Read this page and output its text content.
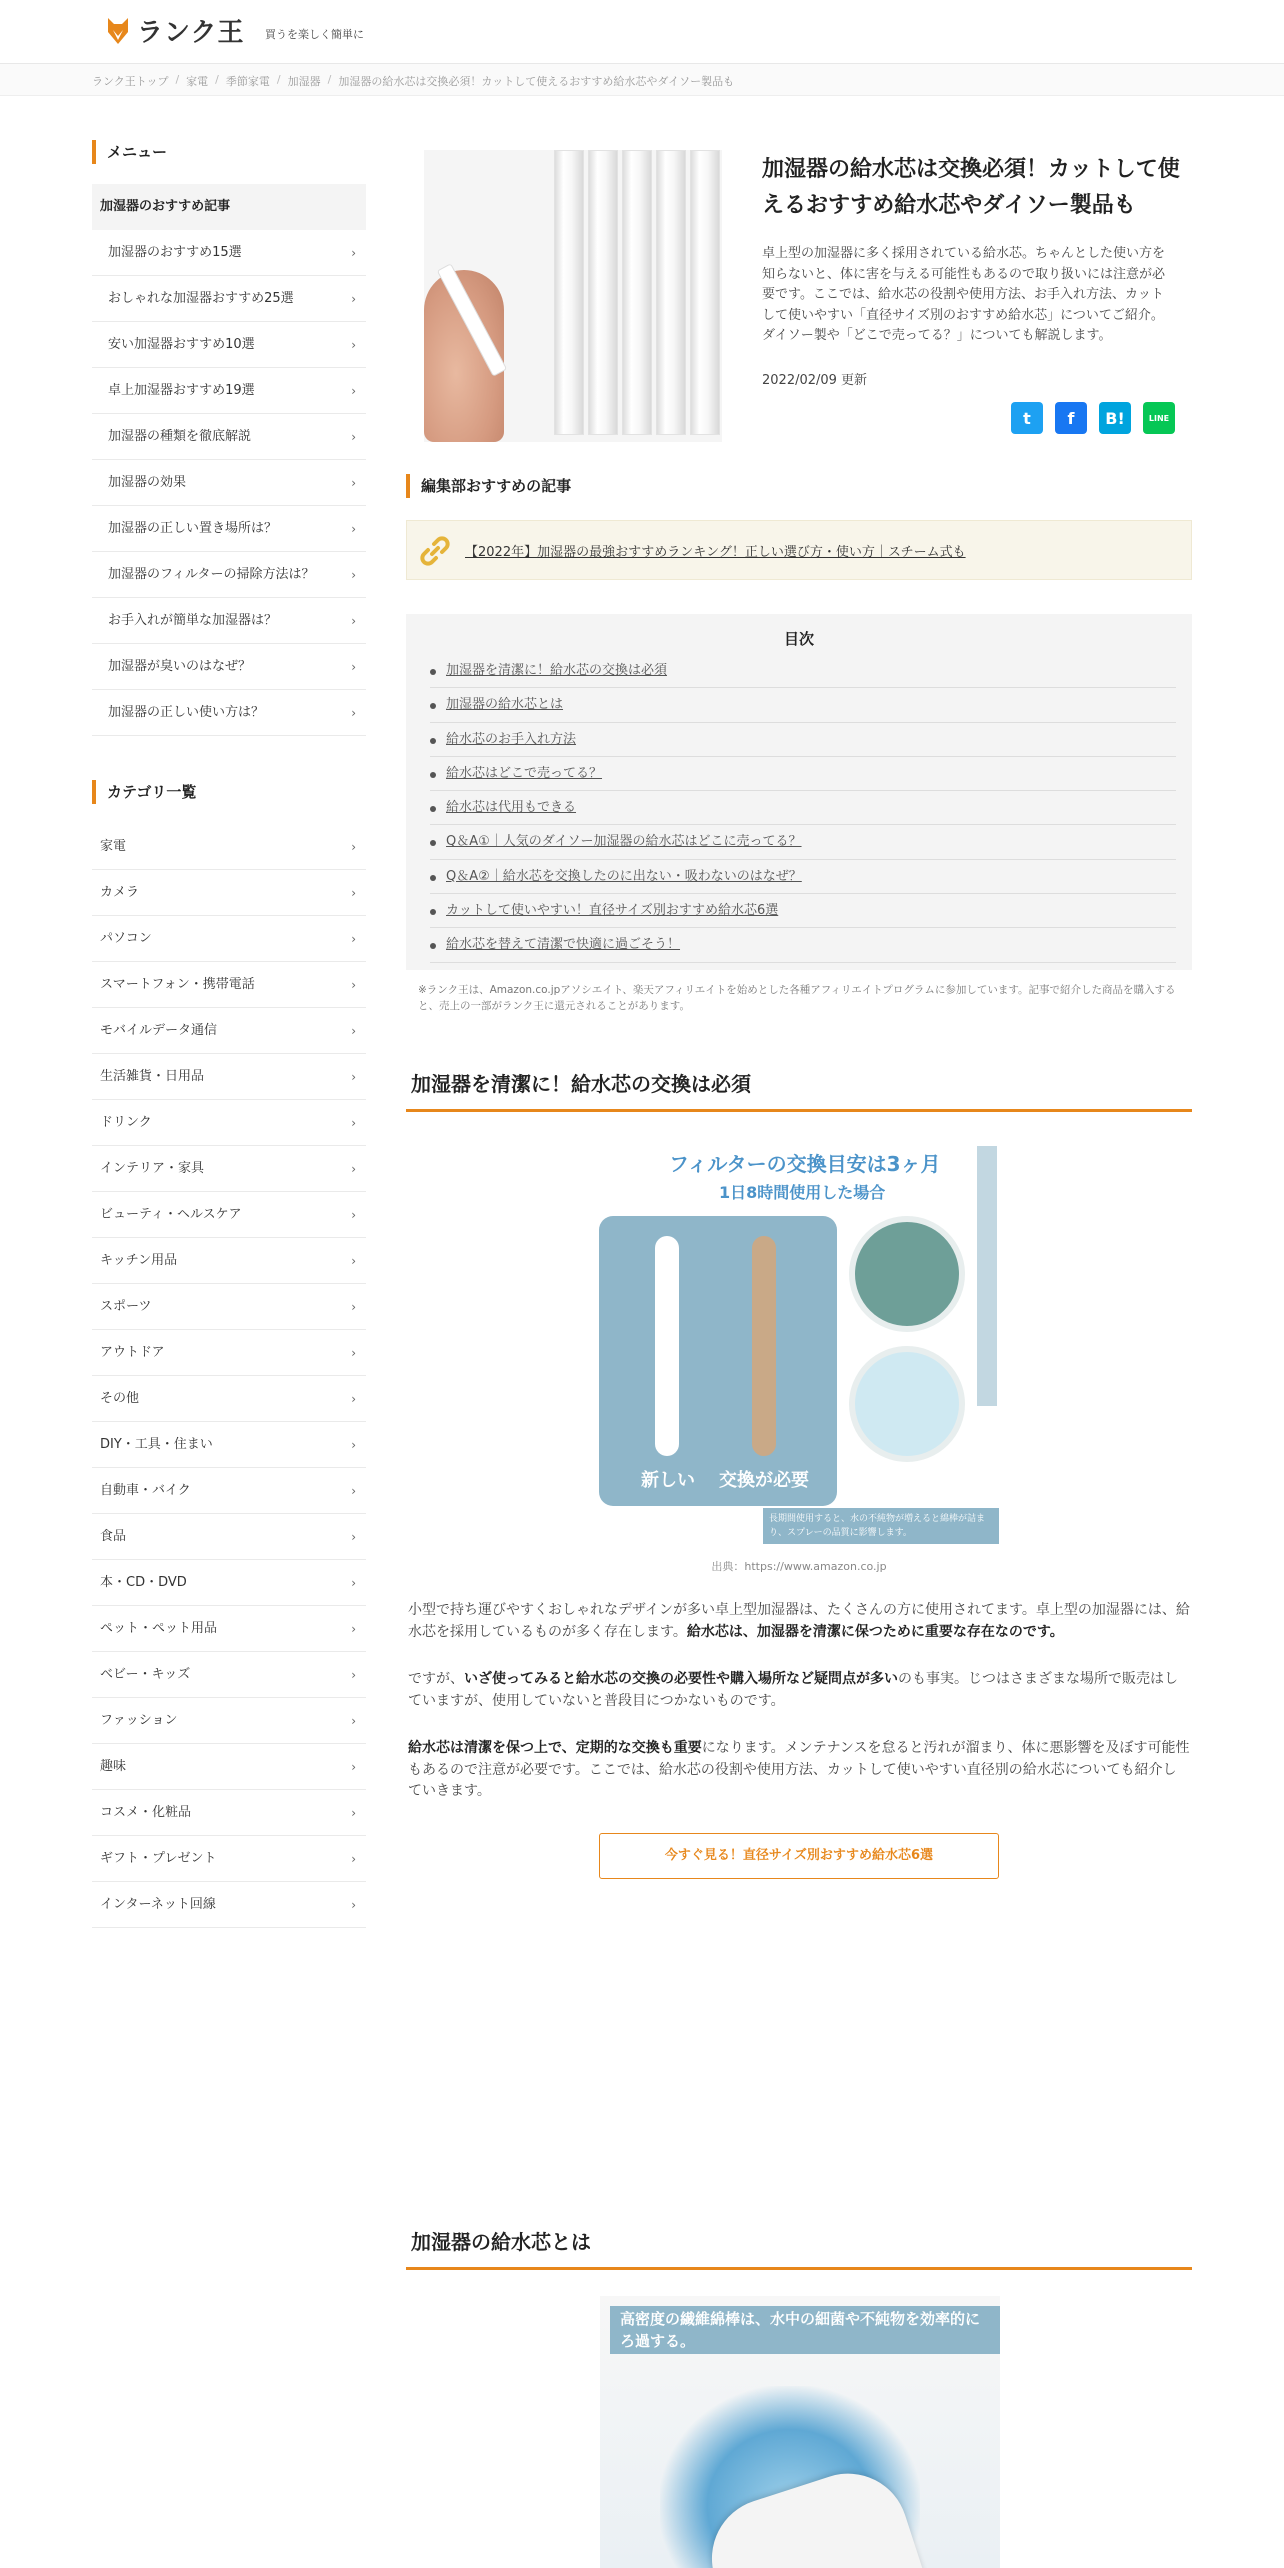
ランク王 買うを楽しく簡単に
ランク王トップ / 家電 / 季節家電 / 加湿器 / 加湿器の給水芯は交換必須！カットして使えるおすすめ給水芯やダイソー製品も
メニュー
加湿器のおすすめ記事
加湿器のおすすめ15選	›
おしゃれな加湿器おすすめ25選	›
安い加湿器おすすめ10選	›
卓上加湿器おすすめ19選	›
加湿器の種類を徹底解説	›
加湿器の効果	›
加湿器の正しい置き場所は？	›
加湿器のフィルターの掃除方法は？	›
お手入れが簡単な加湿器は？	›
加湿器が臭いのはなぜ？	›
加湿器の正しい使い方は？	›
カテゴリ一覧
家電	›
カメラ	›
パソコン	›
スマートフォン・携帯電話	›
モバイルデータ通信	›
生活雑貨・日用品	›
ドリンク	›
インテリア・家具	›
ビューティ・ヘルスケア	›
キッチン用品	›
スポーツ	›
アウトドア	›
その他	›
DIY・工具・住まい	›
自動車・バイク	›
食品	›
本・CD・DVD	›
ペット・ペット用品	›
ベビー・キッズ	›
ファッション	›
趣味	›
コスメ・化粧品	›
ギフト・プレゼント	›
インターネット回線	›
加湿器の給水芯は交換必須！カットして使えるおすすめ給水芯やダイソー製品も

卓上型の加湿器に多く採用されている給水芯。ちゃんとした使い方を知らないと、体に害を与える可能性もあるので取り扱いには注意が必要です。ここでは、給水芯の役割や使用方法、お手入れ方法、カットして使いやすい「直径サイズ別のおすすめ給水芯」についてご紹介。ダイソー製や「どこで売ってる？」についても解説します。

2022/02/09 更新
t	f	B!	LINE
編集部おすすめの記事
【2022年】加湿器の最強おすすめランキング！正しい選び方・使い方｜スチーム式も
目次
加湿器を清潔に！給水芯の交換は必須
加湿器の給水芯とは
給水芯のお手入れ方法
給水芯はどこで売ってる？
給水芯は代用もできる
Q＆A①｜人気のダイソー加湿器の給水芯はどこに売ってる？
Q＆A②｜給水芯を交換したのに出ない・吸わないのはなぜ？
カットして使いやすい！直径サイズ別おすすめ給水芯6選
給水芯を替えて清潔で快適に過ごそう！

※ランク王は、Amazon.co.jpアソシエイト、楽天アフィリエイトを始めとした各種アフィリエイトプログラムに参加しています。記事で紹介した商品を購入すると、売上の一部がランク王に還元されることがあります。

加湿器を清潔に！給水芯の交換は必須
フィルターの交換目安は3ヶ月
1日8時間使用した場合
新しい 交換が必要
長期間使用すると、水の不純物が増えると綿棒が詰まり、スプレーの品質に影響します。
出典：https://www.amazon.co.jp

小型で持ち運びやすくおしゃれなデザインが多い卓上型加湿器は、たくさんの方に使用されてます。卓上型の加湿器には、給水芯を採用しているものが多く存在します。給水芯は、加湿器を清潔に保つために重要な存在なのです。

ですが、いざ使ってみると給水芯の交換の必要性や購入場所など疑問点が多いのも事実。じつはさまざまな場所で販売はしていますが、使用していないと普段目につかないものです。

給水芯は清潔を保つ上で、定期的な交換も重要になります。メンテナンスを怠ると汚れが溜まり、体に悪影響を及ぼす可能性もあるので注意が必要です。ここでは、給水芯の役割や使用方法、カットして使いやすい直径別の給水芯についても紹介していきます。

今すぐ見る！直径サイズ別おすすめ給水芯6選
加湿器の給水芯とは
高密度の繊維綿棒は、水中の細菌や不純物を効率的にろ過する。
